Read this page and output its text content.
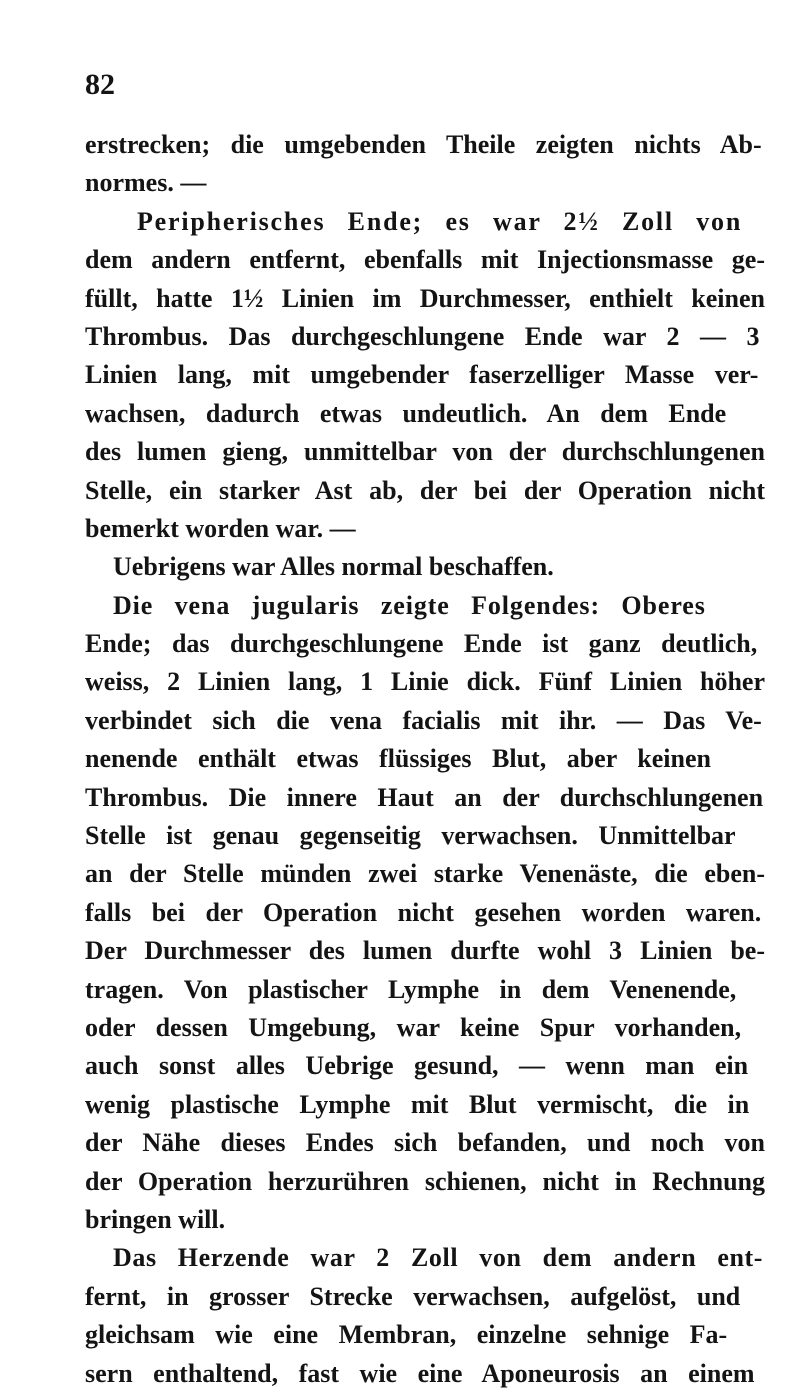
82
erstrecken; die umgebenden Theile zeigten nichts Ab-
normes. —
Peripherisches Ende; es war 2½ Zoll von
dem andern entfernt, ebenfalls mit Injectionsmasse ge-
füllt, hatte 1½ Linien im Durchmesser, enthielt keinen
Thrombus. Das durchgeschlungene Ende war 2 — 3
Linien lang, mit umgebender faserzelliger Masse ver-
wachsen, dadurch etwas undeutlich. An dem Ende
des lumen gieng, unmittelbar von der durchschlungenen
Stelle, ein starker Ast ab, der bei der Operation nicht
bemerkt worden war. —
Uebrigens war Alles normal beschaffen.
Die vena jugularis zeigte Folgendes: Oberes
Ende; das durchgeschlungene Ende ist ganz deutlich,
weiss, 2 Linien lang, 1 Linie dick. Fünf Linien höher
verbindet sich die vena facialis mit ihr. — Das Ve-
nenende enthält etwas flüssiges Blut, aber keinen
Thrombus. Die innere Haut an der durchschlungenen
Stelle ist genau gegenseitig verwachsen. Unmittelbar
an der Stelle münden zwei starke Venenäste, die eben-
falls bei der Operation nicht gesehen worden waren.
Der Durchmesser des lumen durfte wohl 3 Linien be-
tragen. Von plastischer Lymphe in dem Venenende,
oder dessen Umgebung, war keine Spur vorhanden,
auch sonst alles Uebrige gesund, — wenn man ein
wenig plastische Lymphe mit Blut vermischt, die in
der Nähe dieses Endes sich befanden, und noch von
der Operation herzurühren schienen, nicht in Rechnung
bringen will.
Das Herzende war 2 Zoll von dem andern ent-
fernt, in grosser Strecke verwachsen, aufgelöst, und
gleichsam wie eine Membran, einzelne sehnige Fa-
sern enthaltend, fast wie eine Aponeurosis an einem
